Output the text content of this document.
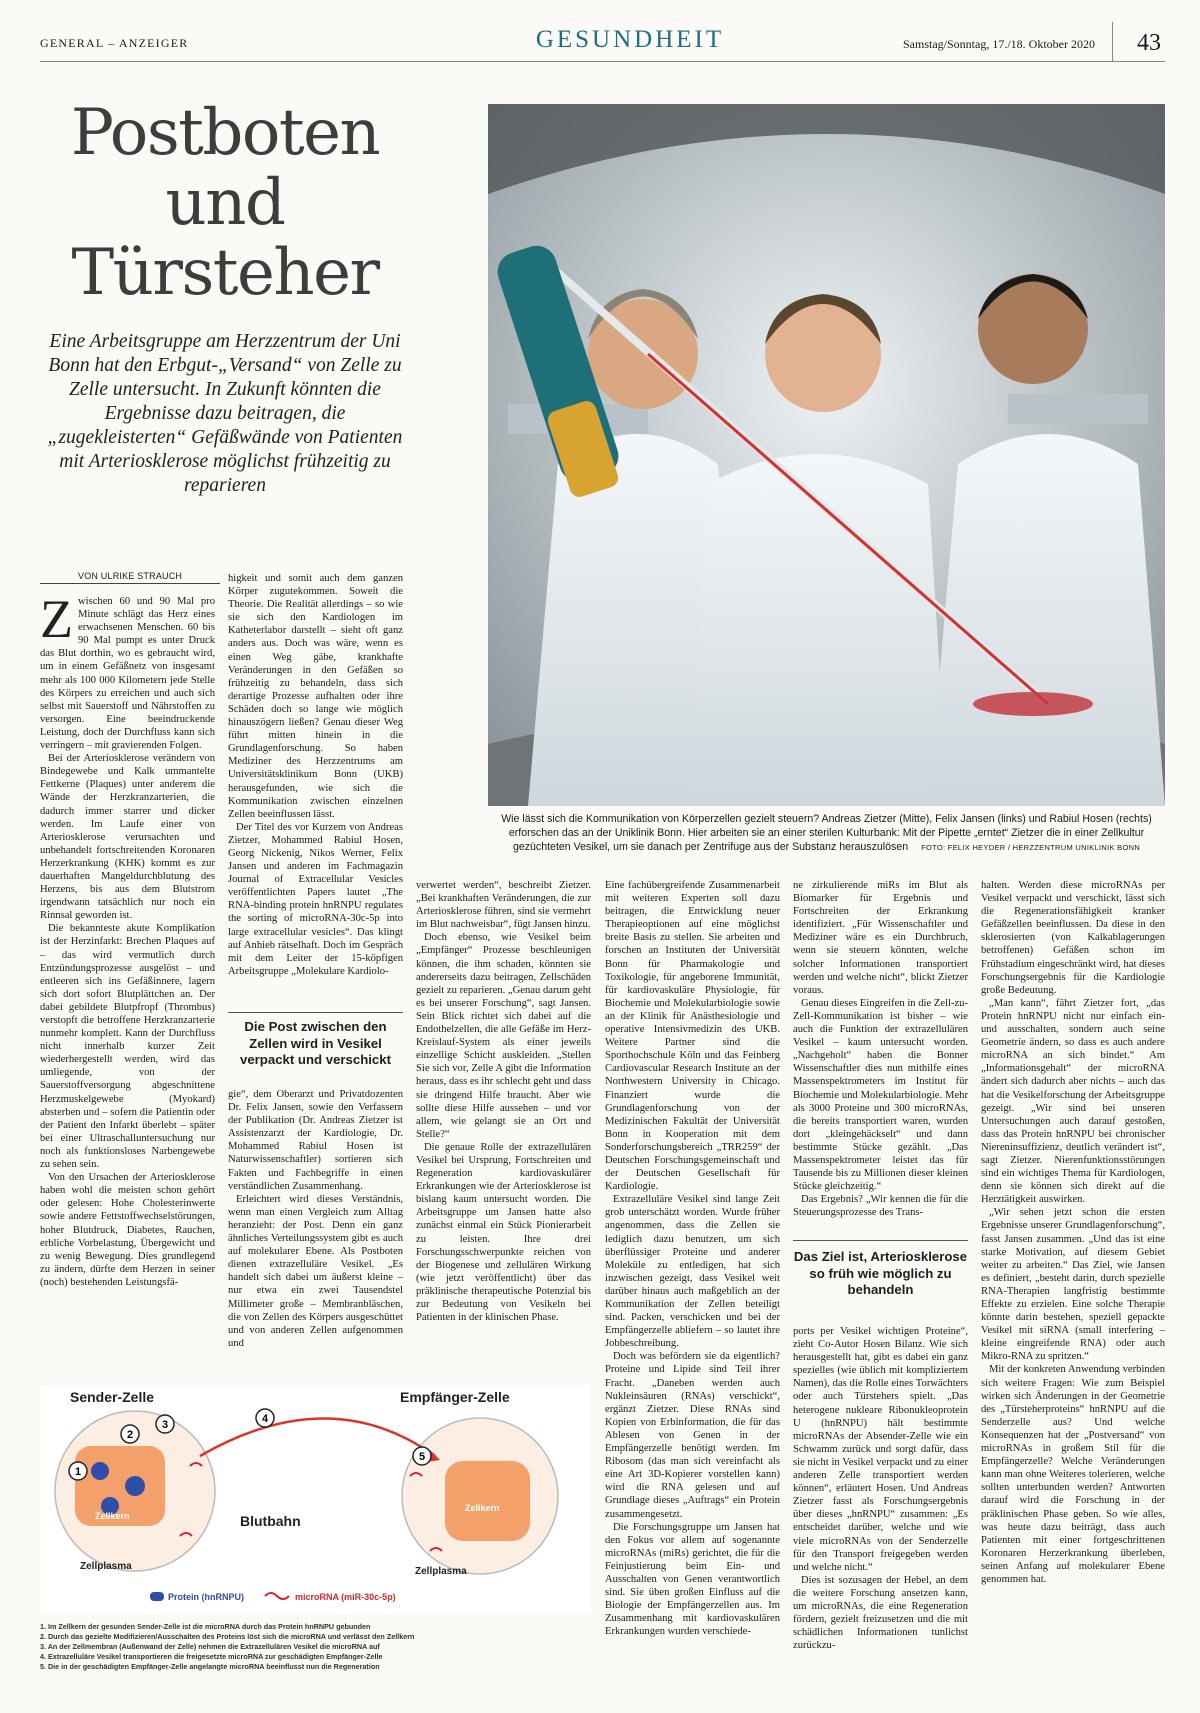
GENERAL – ANZEIGER	GESUNDHEIT	Samstag/Sonntag, 17./18. Oktober 2020 43
Postboten
und
Türsteher

Eine Arbeitsgruppe am Herzzentrum der Uni Bonn hat den Erbgut-„Versand“ von Zelle zu Zelle untersucht. In Zukunft könnten die Ergebnisse dazu beitragen, die „zugekleisterten“ Gefäßwände von Patienten mit Arteriosklerose möglichst frühzeitig zu reparieren

Wie lässt sich die Kommunikation von Körperzellen gezielt steuern? Andreas Zietzer (Mitte), Felix Jansen (links) und Rabiul Hosen (rechts) erforschen das an der Uniklinik Bonn. Hier arbeiten sie an einer sterilen Kulturbank: Mit der Pipette „erntet“ Zietzer die in einer Zellkultur gezüchteten Vesikel, um sie danach per Zentrifuge aus der Substanz herauszulösen FOTO: FELIX HEYDER / HERZZENTRUM UNIKLINIK BONN
VON ULRIKE STRAUCH

Zwischen 60 und 90 Mal pro Minute schlägt das Herz eines erwachsenen Menschen. 60 bis 90 Mal pumpt es unter Druck das Blut dorthin, wo es gebraucht wird, um in einem Gefäßnetz von insgesamt mehr als 100 000 Kilometern jede Stelle des Körpers zu erreichen und auch sich selbst mit Sauerstoff und Nährstoffen zu versorgen. Eine beeindruckende Leistung, doch der Durchfluss kann sich verringern – mit gravierenden Folgen.

Bei der Arteriosklerose verändern von Bindegewebe und Kalk ummantelte Fettkerne (Plaques) unter anderem die Wände der Herzkranzarterien, die dadurch immer starrer und dicker werden. Im Laufe einer von Arteriosklerose verursachten und unbehandelt fortschreitenden Koronaren Herzerkrankung (KHK) kommt es zur dauerhaften Mangeldurchblutung des Herzens, bis aus dem Blutstrom irgendwann tatsächlich nur noch ein Rinnsal geworden ist.

Die bekannteste akute Komplikation ist der Herzinfarkt: Brechen Plaques auf – das wird vermutlich durch Entzündungsprozesse ausgelöst – und entleeren sich ins Gefäßinnere, lagern sich dort sofort Blutplättchen an. Der dabei gebildete Blutpfropf (Thrombus) verstopft die betroffene Herzkranzarterie nunmehr komplett. Kann der Durchfluss nicht innerhalb kurzer Zeit wiederhergestellt werden, wird das umliegende, von der Sauerstoffversorgung abgeschnittene Herzmuskelgewebe (Myokard) absterben und – sofern die Patientin oder der Patient den Infarkt überlebt – später bei einer Ultraschalluntersuchung nur noch als funktionsloses Narbengewebe zu sehen sein.

Von den Ursachen der Arteriosklerose haben wohl die meisten schon gehört oder gelesen: Hohe Cholesterinwerte sowie andere Fettstoffwechselstörungen, hoher Blutdruck, Diabetes, Rauchen, erbliche Vorbelastung, Übergewicht und zu wenig Bewegung. Dies grundlegend zu ändern, dürfte dem Herzen in seiner (noch) bestehenden Leistungsfä-

higkeit und somit auch dem ganzen Körper zugutekommen. Soweit die Theorie. Die Realität allerdings – so wie sie sich den Kardiologen im Katheterlabor darstellt – sieht oft ganz anders aus. Doch was wäre, wenn es einen Weg gäbe, krankhafte Veränderungen in den Gefäßen so frühzeitig zu behandeln, dass sich derartige Prozesse aufhalten oder ihre Schäden doch so lange wie möglich hinauszögern ließen? Genau dieser Weg führt mitten hinein in die Grundlagenforschung. So haben Mediziner des Herzzentrums am Universitätsklinikum Bonn (UKB) herausgefunden, wie sich die Kommunikation zwischen einzelnen Zellen beeinflussen lässt.

Der Titel des vor Kurzem von Andreas Zietzer, Mohammed Rabiul Hosen, Georg Nickenig, Nikos Werner, Felix Jansen und anderen im Fachmagazin Journal of Extracellular Vesicles veröffentlichten Papers lautet „The RNA-binding protein hnRNPU regulates the sorting of microRNA-30c-5p into large extracellular vesicles“. Das klingt auf Anhieb rätselhaft. Doch im Gespräch mit dem Leiter der 15-köpfigen Arbeitsgruppe „Molekulare Kardiolo-

Die Post zwischen den Zellen wird in Vesikel verpackt und verschickt

gie“, dem Oberarzt und Privatdozenten Dr. Felix Jansen, sowie den Verfassern der Publikation (Dr. Andreas Zietzer ist Assistenzarzt der Kardiologie, Dr. Mohammed Rabiul Hosen ist Naturwissenschaftler) sortieren sich Fakten und Fachbegriffe in einen verständlichen Zusammenhang.

Erleichtert wird dieses Verständnis, wenn man einen Vergleich zum Alltag heranzieht: der Post. Denn ein ganz ähnliches Verteilungssystem gibt es auch auf molekularer Ebene. Als Postboten dienen extrazelluläre Vesikel. „Es handelt sich dabei um äußerst kleine – nur etwa ein zwei Tausendstel Millimeter große – Membranbläschen, die von Zellen des Körpers ausgeschüttet und von anderen Zellen aufgenommen und

verwertet werden“, beschreibt Zietzer. „Bei krankhaften Veränderungen, die zur Arteriosklerose führen, sind sie vermehrt im Blut nachweisbar“, fügt Jansen hinzu.

Doch ebenso, wie Vesikel beim „Empfänger“ Prozesse beschleunigen können, die ihm schaden, könnten sie andererseits dazu beitragen, Zellschäden gezielt zu reparieren. „Genau darum geht es bei unserer Forschung“, sagt Jansen. Sein Blick richtet sich dabei auf die Endothelzellen, die alle Gefäße im Herz-Kreislauf-System als einer jeweils einzellige Schicht auskleiden. „Stellen Sie sich vor, Zelle A gibt die Information heraus, dass es ihr schlecht geht und dass sie dringend Hilfe braucht. Aber wie sollte diese Hilfe aussehen – und vor allem, wie gelangt sie an Ort und Stelle?“

Die genaue Rolle der extrazellulären Vesikel bei Ursprung, Fortschreiten und Regeneration kardiovaskulärer Erkrankungen wie der Arteriosklerose ist bislang kaum untersucht worden. Die Arbeitsgruppe um Jansen hatte also zunächst einmal ein Stück Pionierarbeit zu leisten. Ihre drei Forschungsschwerpunkte reichen von der Biogenese und zellulären Wirkung (wie jetzt veröffentlicht) über das präklinische therapeutische Potenzial bis zur Bedeutung von Vesikeln bei Patienten in der klinischen Phase.

Eine fachübergreifende Zusammenarbeit mit weiteren Experten soll dazu beitragen, die Entwicklung neuer Therapieoptionen auf eine möglichst breite Basis zu stellen. Sie arbeiten und forschen an Instituten der Universität Bonn für Pharmakologie und Toxikologie, für angeborene Immunität, für kardiovaskuläre Physiologie, für Biochemie und Molekularbiologie sowie an der Klinik für Anästhesiologie und operative Intensivmedizin des UKB. Weitere Partner sind die Sporthochschule Köln und das Feinberg Cardiovascular Research Institute an der Northwestern University in Chicago. Finanziert wurde die Grundlagenforschung von der Medizinischen Fakultät der Universität Bonn in Kooperation mit dem Sonderforschungsbereich „TRR259“ der Deutschen Forschungsgemeinschaft und der Deutschen Gesellschaft für Kardiologie.

Extrazelluläre Vesikel sind lange Zeit grob unterschätzt worden. Wurde früher angenommen, dass die Zellen sie lediglich dazu benutzen, um sich überflüssiger Proteine und anderer Moleküle zu entledigen, hat sich inzwischen gezeigt, dass Vesikel weit darüber hinaus auch maßgeblich an der Kommunikation der Zellen beteiligt sind. Packen, verschicken und bei der Empfängerzelle abliefern – so lautet ihre Jobbeschreibung.

Doch was befördern sie da eigentlich? Proteine und Lipide sind Teil ihrer Fracht. „Daneben werden auch Nukleinsäuren (RNAs) verschickt“, ergänzt Zietzer. Diese RNAs sind Kopien von Erbinformation, die für das Ablesen von Genen in der Empfängerzelle benötigt werden. Im Ribosom (das man sich vereinfacht als eine Art 3D-Kopierer vorstellen kann) wird die RNA gelesen und auf Grundlage dieses „Auftrags“ ein Protein zusammengesetzt.

Die Forschungsgruppe um Jansen hat den Fokus vor allem auf sogenannte microRNAs (miRs) gerichtet, die für die Feinjustierung beim Ein- und Ausschalten von Genen verantwortlich sind. Sie üben großen Einfluss auf die Biologie der Empfängerzellen aus. Im Zusammenhang mit kardiovaskulären Erkrankungen wurden verschiede-

ne zirkulierende miRs im Blut als Biomarker für Ergebnis und Fortschreiten der Erkrankung identifiziert. „Für Wissenschaftler und Mediziner wäre es ein Durchbruch, wenn sie steuern könnten, welche solcher Informationen transportiert werden und welche nicht“, blickt Zietzer voraus.

Genau dieses Eingreifen in die Zell-zu-Zell-Kommunikation ist bisher – wie auch die Funktion der extrazellulären Vesikel – kaum untersucht worden. „Nachgeholt“ haben die Bonner Wissenschaftler dies nun mithilfe eines Massenspektrometers im Institut für Biochemie und Molekularbiologie. Mehr als 3000 Proteine und 300 microRNAs, die bereits transportiert waren, wurden dort „kleingehäckselt“ und dann bestimmte Stücke gezählt. „Das Massenspektrometer leistet das für Tausende bis zu Millionen dieser kleinen Stücke gleichzeitig.“

Das Ergebnis? „Wir kennen die für die Steuerungsprozesse des Trans-

Das Ziel ist, Arteriosklerose so früh wie möglich zu behandeln

ports per Vesikel wichtigen Proteine“, zieht Co-Autor Hosen Bilanz. Wie sich herausgestellt hat, gibt es dabei ein ganz spezielles (wie üblich mit kompliziertem Namen), das die Rolle eines Torwächters oder auch Türstehers spielt. „Das heterogene nukleare Ribonukleoprotein U (hnRNPU) hält bestimmte microRNAs der Absender-Zelle wie ein Schwamm zurück und sorgt dafür, dass sie nicht in Vesikel verpackt und zu einer anderen Zelle transportiert werden können“, erläutert Hosen. Und Andreas Zietzer fasst als Forschungsergebnis über dieses „hnRNPU“ zusammen: „Es entscheidet darüber, welche und wie viele microRNAs von der Senderzelle für den Transport freigegeben werden und welche nicht.“

Dies ist sozusagen der Hebel, an dem die weitere Forschung ansetzen kann, um microRNAs, die eine Regeneration fördern, gezielt freizusetzen und die mit schädlichen Informationen tunlichst zurückzu-

halten. Werden diese microRNAs per Vesikel verpackt und verschickt, lässt sich die Regenerationsfähigkeit kranker Gefäßzellen beeinflussen. Da diese in den sklerosierten (von Kalkablagerungen betroffenen) Gefäßen schon im Frühstadium eingeschränkt wird, hat dieses Forschungsergebnis für die Kardiologie große Bedeutung.

„Man kann“, fährt Zietzer fort, „das Protein hnRNPU nicht nur einfach ein- und ausschalten, sondern auch seine Geometrie ändern, so dass es auch andere microRNA an sich bindet.“ Am „Informationsgehalt“ der microRNA ändert sich dadurch aber nichts – auch das hat die Vesikelforschung der Arbeitsgruppe gezeigt. „Wir sind bei unseren Untersuchungen auch darauf gestoßen, dass das Protein hnRNPU bei chronischer Niereninsuffizienz, deutlich verändert ist“, sagt Zietzer. Nierenfunktionsstörungen sind ein wichtiges Thema für Kardiologen, denn sie können sich direkt auf die Herztätigkeit auswirken.

„Wir sehen jetzt schon die ersten Ergebnisse unserer Grundlagenforschung“, fasst Jansen zusammen. „Und das ist eine starke Motivation, auf diesem Gebiet weiter zu arbeiten.“ Das Ziel, wie Jansen es definiert, „besteht darin, durch spezielle RNA-Therapien langfristig bestimmte Effekte zu erzielen. Eine solche Therapie könnte darin bestehen, speziell gepackte Vesikel mit siRNA (small interfering – kleine eingreifende RNA) oder auch Mikro-RNA zu spritzen.“

Mit der konkreten Anwendung verbinden sich weitere Fragen: Wie zum Beispiel wirken sich Änderungen in der Geometrie des „Türsteherproteins“ hnRNPU auf die Senderzelle aus? Und welche Konsequenzen hat der „Postversand“ von microRNAs in großem Stil für die Empfängerzelle? Welche Veränderungen kann man ohne Weiteres tolerieren, welche sollten unterbunden werden? Antworten darauf wird die Forschung in der präklinischen Phase geben. So wie alles, was heute dazu beiträgt, dass auch Patienten mit einer fortgeschrittenen Koronaren Herzerkrankung überleben, seinen Anfang auf molekularer Ebene genommen hat.

1
2
3	4
5
Sender-Zelle	Empfänger-Zelle
Zellkern
Zellkern
Zellplasma	Zellplasma
Blutbahn
Protein (hnRNPU)	microRNA (miR-30c-5p)
1. Im Zellkern der gesunden Sender-Zelle ist die microRNA durch das Protein hnRNPU gebunden
2. Durch das gezielte Modifizieren/Ausschalten des Proteins löst sich die microRNA und verlässt den Zellkern
3. An der Zellmembran (Außenwand der Zelle) nehmen die Extrazellulären Vesikel die microRNA auf
4. Extrazelluläre Vesikel transportieren die freigesetzte microRNA zur geschädigten Empfänger-Zelle
5. Die in der geschädigten Empfänger-Zelle angelangte microRNA beeinflusst nun die Regeneration
